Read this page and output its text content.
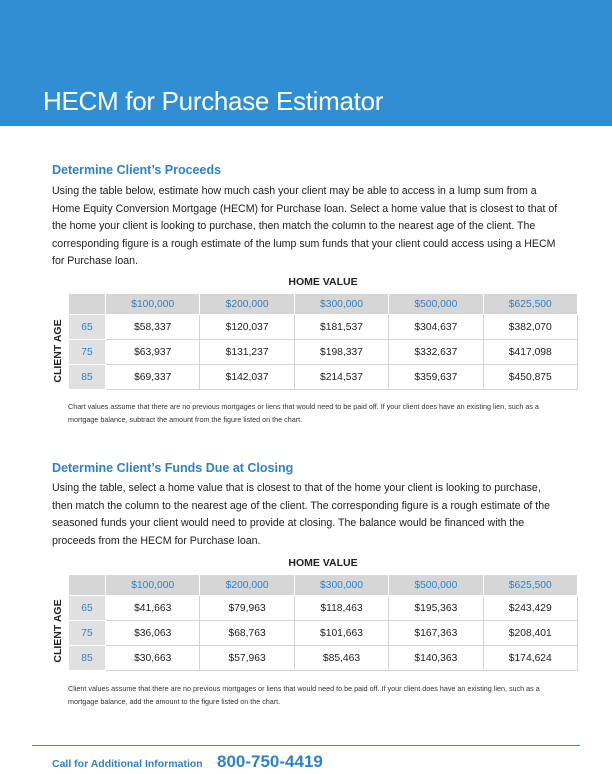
HECM for Purchase Estimator
Determine Client’s Proceeds
Using the table below, estimate how much cash your client may be able to access in a lump sum from a Home Equity Conversion Mortgage (HECM) for Purchase loan. Select a home value that is closest to that of the home your client is looking to purchase, then match the column to the nearest age of the client. The corresponding figure is a rough estimate of the lump sum funds that your client could access using a HECM for Purchase loan.
HOME VALUE
CLIENT AGE
	$100,000	$200,000	$300,000	$500,000	$625,500
65	$58,337	$120,037	$181,537	$304,637	$382,070
75	$63,937	$131,237	$198,337	$332,637	$417,098
85	$69,337	$142,037	$214,537	$359,637	$450,875
Chart values assume that there are no previous mortgages or liens that would need to be paid off. If your client does have an existing lien, such as a mortgage balance, subtract the amount from the figure listed on the chart.
Determine Client’s Funds Due at Closing
Using the table, select a home value that is closest to that of the home your client is looking to purchase, then match the column to the nearest age of the client. The corresponding figure is a rough estimate of the seasoned funds your client would need to provide at closing. The balance would be financed with the proceeds from the HECM for Purchase loan.
HOME VALUE
CLIENT AGE
	$100,000	$200,000	$300,000	$500,000	$625,500
65	$41,663	$79,963	$118,463	$195,363	$243,429
75	$36,063	$68,763	$101,663	$167,363	$208,401
85	$30,663	$57,963	$85,463	$140,363	$174,624
Client values assume that there are no previous mortgages or liens that would need to be paid off. If your client does have an existing lien, such as a mortgage balance, add the amount to the figure listed on the chart.
Call for Additional Information 800-750-4419
